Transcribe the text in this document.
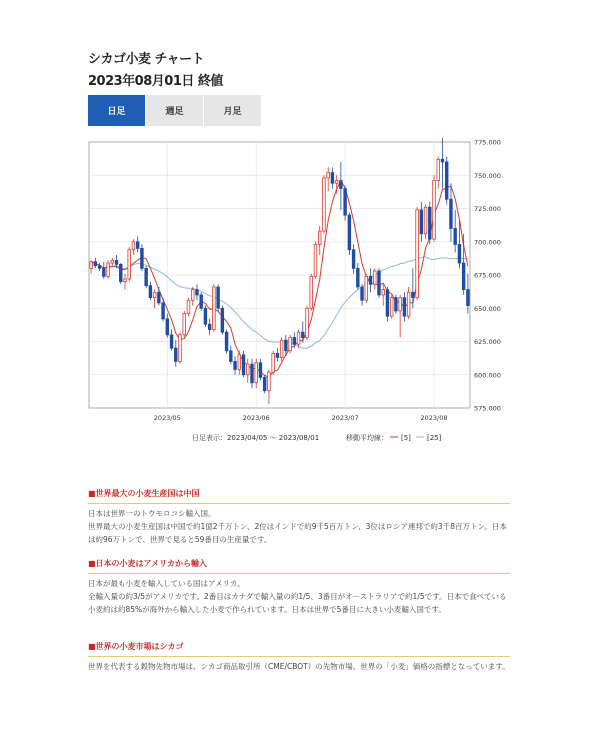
シカゴ小麦 チャート
2023年08月01日 終値
日足	週足	月足
775.000
750.000
725.000
700.000
675.000
650.000
625.000
600.000
575.000
2023/05	2023/06	2023/07	2023/08
日足表示：2023/04/05 〜 2023/08/01	移動平均線： [5] [25]
■世界最大の小麦生産国は中国

日本は世界一のトウモロコシ輸入国。

世界最大の小麦生産国は中国で約1億2千万トン、2位はインドで約9千5百万トン、3位はロシア連邦で約3千8百万トン。日本は約96万トンで、世界で見ると59番目の生産量です。

■日本の小麦はアメリカから輸入

日本が最も小麦を輸入している国はアメリカ。

全輸入量の約3/5がアメリカです。2番目はカナダで輸入量の約1/5、3番目がオーストラリアで約1/5です。日本で食べている小麦約は約85%が海外から輸入した小麦で作られています。日本は世界で5番目に大きい小麦輸入国です。

■世界の小麦市場はシカゴ

世界を代表する穀物先物市場は、シカゴ商品取引所（CME/CBOT）の先物市場。世界の「小麦」価格の指標となっています。
